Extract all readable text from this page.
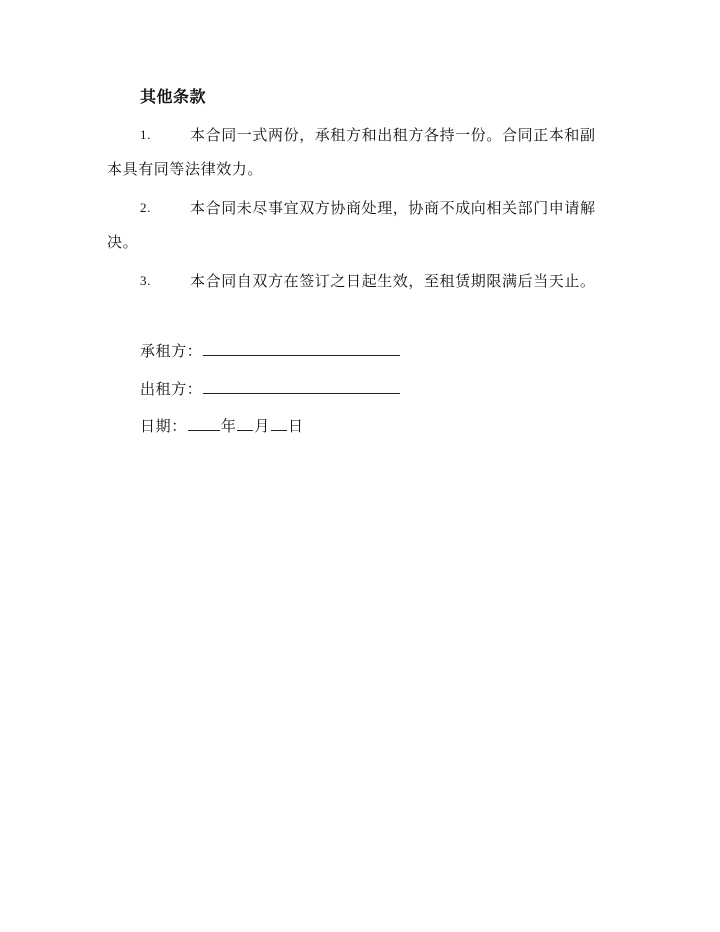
其他条款
1.	本合同一式两份，承租方和出租方各持一份。合同正本和副本具有同等法律效力。
2.	本合同未尽事宜双方协商处理，协商不成向相关部门申请解决。
3.	本合同自双方在签订之日起生效，至租赁期限满后当天止。
承租方：
出租方：
日期： 年 月 日
